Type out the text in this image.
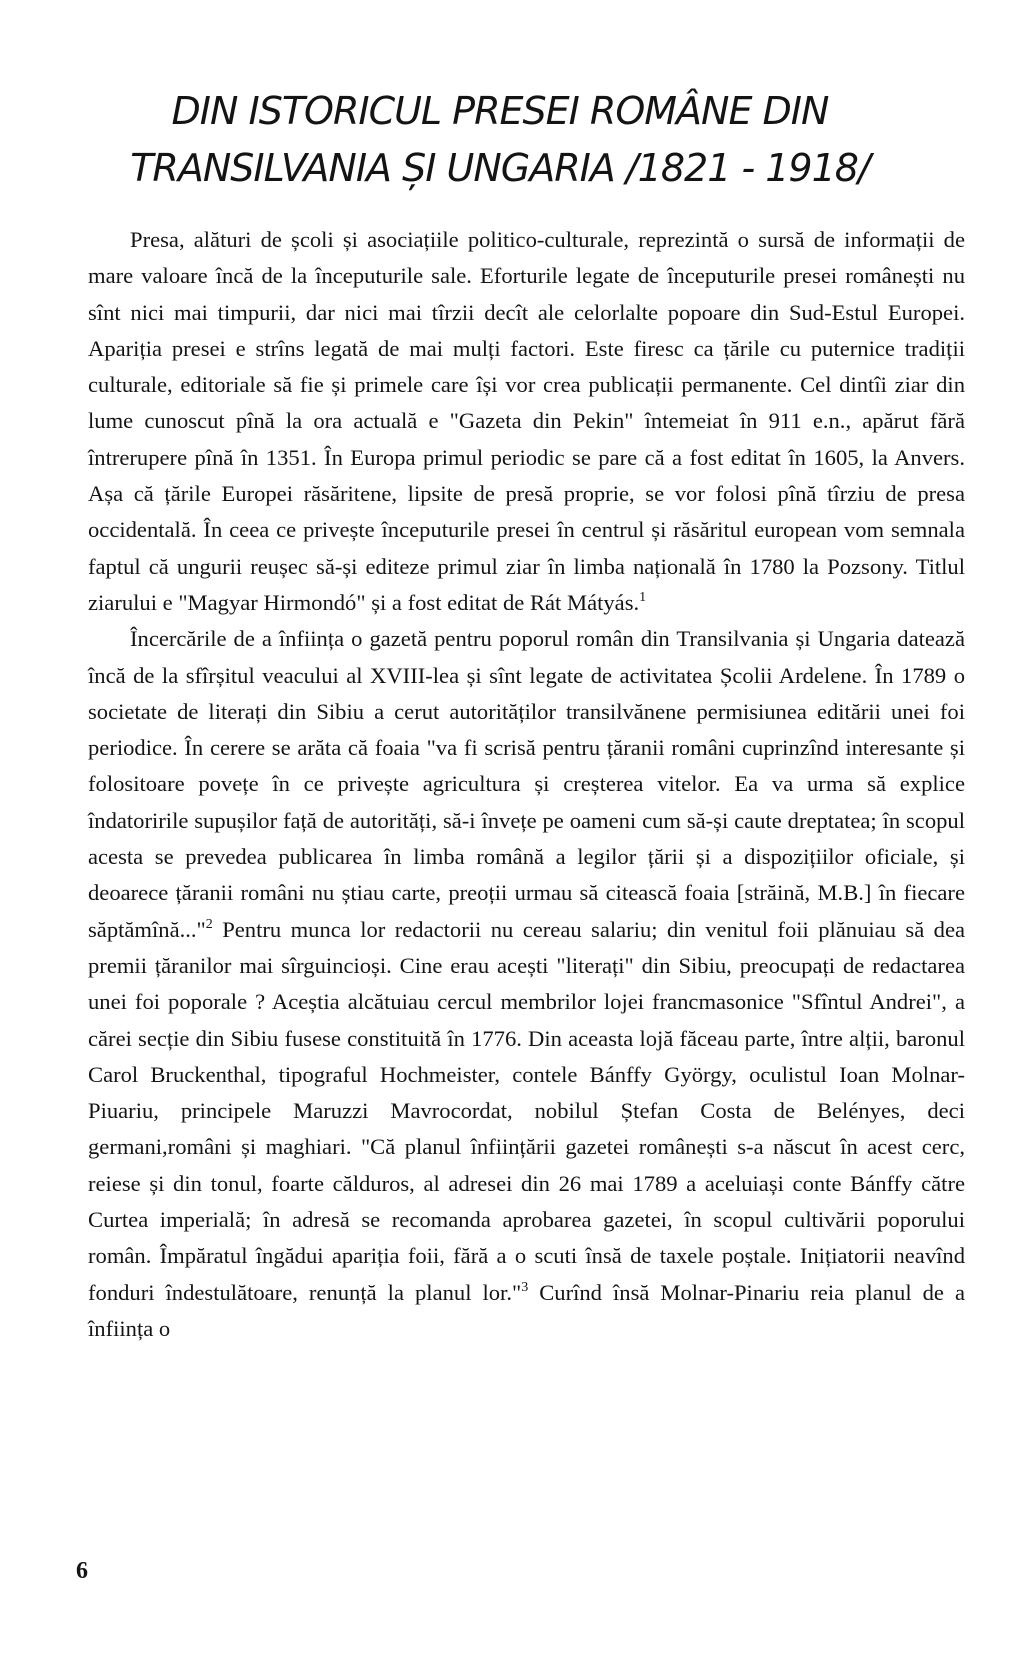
DIN ISTORICUL PRESEI ROMÂNE DIN
TRANSILVANIA ȘI UNGARIA /1821 - 1918/

Presa, alături de școli și asociațiile politico-culturale, reprezintă o sursă de informații de mare valoare încă de la începuturile sale. Eforturile legate de începuturile presei românești nu sînt nici mai timpurii, dar nici mai tîrzii decît ale celorlalte popoare din Sud-Estul Europei. Apariția presei e strîns legată de mai mulți factori. Este firesc ca țările cu puternice tradiții culturale, editoriale să fie și primele care își vor crea publicații permanente. Cel dintîi ziar din lume cunoscut pînă la ora actuală e "Gazeta din Pekin" întemeiat în 911 e.n., apărut fără întrerupere pînă în 1351. În Europa primul periodic se pare că a fost editat în 1605, la Anvers. Așa că țările Europei răsăritene, lipsite de presă proprie, se vor folosi pînă tîrziu de presa occidentală. În ceea ce privește începuturile presei în centrul și răsăritul european vom semnala faptul că ungurii reușec să-și editeze primul ziar în limba națională în 1780 la Pozsony. Titlul ziarului e "Magyar Hirmondó" și a fost editat de Rát Mátyás.$^1$

Încercările de a înființa o gazetă pentru poporul român din Transilvania și Ungaria datează încă de la sfîrșitul veacului al XVIII-lea și sînt legate de activitatea Școlii Ardelene. În 1789 o societate de literați din Sibiu a cerut autorităților transilvănene permisiunea editării unei foi periodice. În cerere se arăta că foaia "va fi scrisă pentru țăranii români cuprinzînd interesante și folositoare povețe în ce privește agricultura și creșterea vitelor. Ea va urma să explice îndatoririle supușilor față de autorități, să-i învețe pe oameni cum să-și caute dreptatea; în scopul acesta se prevedea publicarea în limba română a legilor țării și a dispozițiilor oficiale, și deoarece țăranii români nu știau carte, preoții urmau să citească foaia [străină, M.B.] în fiecare săptămînă..."$^2$ Pentru munca lor redactorii nu cereau salariu; din venitul foii plănuiau să dea premii țăranilor mai sîrguincioși. Cine erau acești "literați" din Sibiu, preocupați de redactarea unei foi poporale ? Aceștia alcătuiau cercul membrilor lojei francmasonice "Sfîntul Andrei", a cărei secție din Sibiu fusese constituită în 1776. Din aceasta lojă făceau parte, între alții, baronul Carol Bruckenthal, tipograful Hochmeister, contele Bánffy György, oculistul Ioan Molnar-Piuariu, principele Maruzzi Mavrocordat, nobilul Ștefan Costa de Belényes, deci germani,români și maghiari. "Că planul înființării gazetei românești s-a născut în acest cerc, reiese și din tonul, foarte călduros, al adresei din 26 mai 1789 a aceluiași conte Bánffy către Curtea imperială; în adresă se recomanda aprobarea gazetei, în scopul cultivării poporului român. Împăratul îngădui apariția foii, fără a o scuti însă de taxele poștale. Inițiatorii neavînd fonduri îndestulătoare, renunță la planul lor."$^3$ Curînd însă Molnar-Pinariu reia planul de a înființa o

6
